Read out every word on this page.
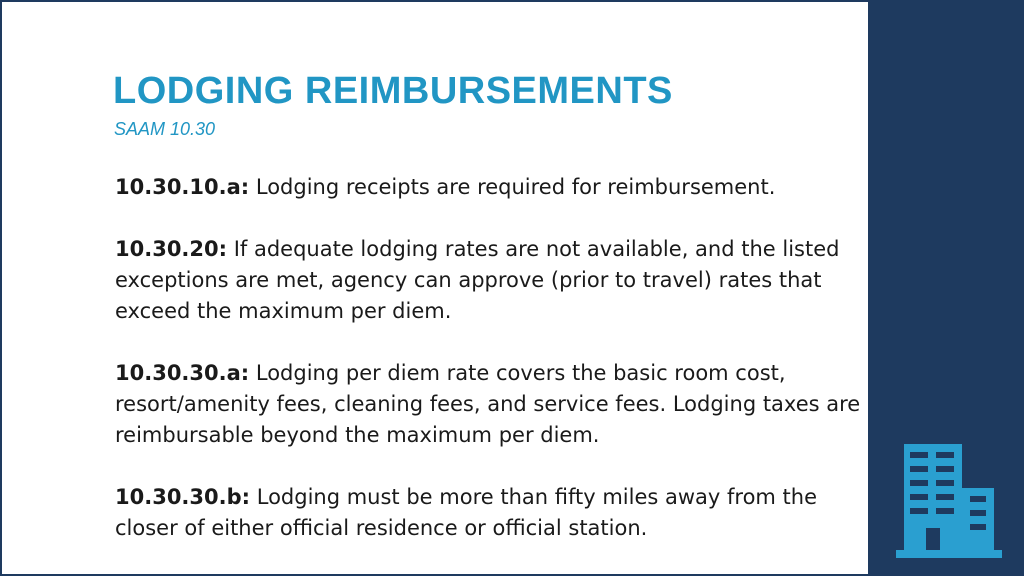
LODGING REIMBURSEMENTS

SAAM 10.30

10.30.10.a: Lodging receipts are required for reimbursement.

10.30.20: If adequate lodging rates are not available, and the listed exceptions are met, agency can approve (prior to travel) rates that exceed the maximum per diem.

10.30.30.a: Lodging per diem rate covers the basic room cost, resort/amenity fees, cleaning fees, and service fees. Lodging taxes are reimbursable beyond the maximum per diem.

10.30.30.b: Lodging must be more than fifty miles away from the closer of either official residence or official station.
